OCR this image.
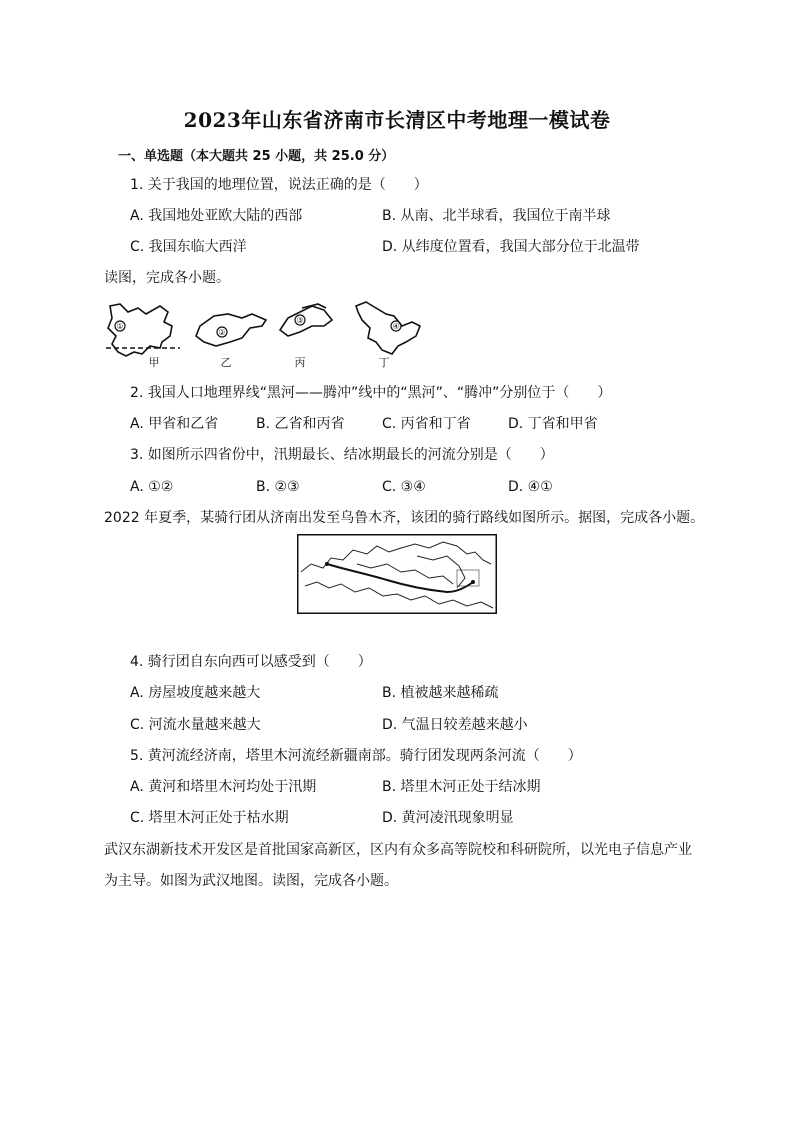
2023年山东省济南市长清区中考地理一模试卷
一、单选题（本大题共 25 小题，共 25.0 分）
1. 关于我国的地理位置，说法正确的是（　　）
A. 我国地处亚欧大陆的西部	B. 从南、北半球看，我国位于南半球
C. 我国东临大西洋	D. 从纬度位置看，我国大部分位于北温带
读图，完成各小题。
①
②
③
④
甲	乙	丙	丁
2. 我国人口地理界线“黑河——腾冲”线中的“黑河”、“腾冲”分别位于（　　）
A. 甲省和乙省	B. 乙省和丙省	C. 丙省和丁省	D. 丁省和甲省
3. 如图所示四省份中，汛期最长、结冰期最长的河流分别是（　　）
A. ①②	B. ②③	C. ③④	D. ④①
2022 年夏季，某骑行团从济南出发至乌鲁木齐，该团的骑行路线如图所示。据图，完成各小题。
4. 骑行团自东向西可以感受到（　　）
A. 房屋坡度越来越大	B. 植被越来越稀疏
C. 河流水量越来越大	D. 气温日较差越来越小
5. 黄河流经济南，塔里木河流经新疆南部。骑行团发现两条河流（　　）
A. 黄河和塔里木河均处于汛期	B. 塔里木河正处于结冰期
C. 塔里木河正处于枯水期	D. 黄河凌汛现象明显
武汉东湖新技术开发区是首批国家高新区，区内有众多高等院校和科研院所，以光电子信息产业
为主导。如图为武汉地图。读图，完成各小题。
